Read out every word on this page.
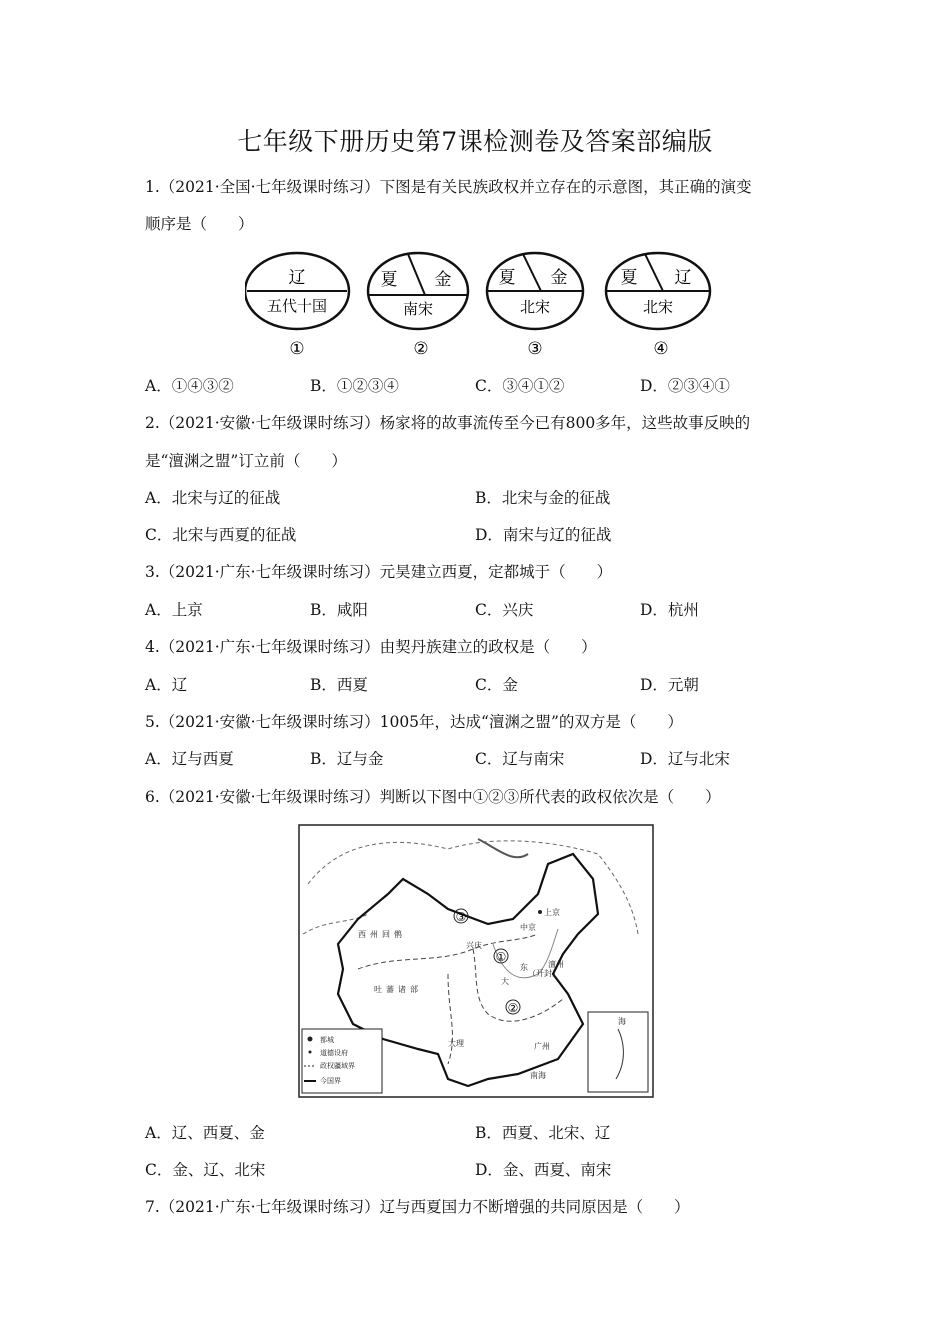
七年级下册历史第7课检测卷及答案部编版
1.（2021·全国·七年级课时练习）下图是有关民族政权并立存在的示意图，其正确的演变
顺序是（　　）
辽
五代十国
①
夏 金
南宋
②
夏 金
北宋
③
夏 辽
北宋
④
A．①④③②	B．①②③④	C．③④①②	D．②③④①
2.（2021·安徽·七年级课时练习）杨家将的故事流传至今已有800多年，这些故事反映的
是“澶渊之盟”订立前（　　）
A．北宋与辽的征战	B．北宋与金的征战
C．北宋与西夏的征战	D．南宋与辽的征战
3.（2021·广东·七年级课时练习）元昊建立西夏，定都城于（　　）
A．上京	B．咸阳	C．兴庆	D．杭州
4.（2021·广东·七年级课时练习）由契丹族建立的政权是（　　）
A．辽	B．西夏	C．金	D．元朝
5.（2021·安徽·七年级课时练习）1005年，达成“澶渊之盟”的双方是（　　）
A．辽与西夏	B．辽与金	C．辽与南宋	D．辽与北宋
6.（2021·安徽·七年级课时练习）判断以下图中①②③所代表的政权依次是（　　）
③
①
②
上京
中京
兴庆
西州回鹘
吐蕃诸部
大理	广州
南海
澶州
（开封）
东
大
海
都城
道德设府
政权疆域界
今国界
A．辽、西夏、金	B．西夏、北宋、辽
C．金、辽、北宋	D．金、西夏、南宋
7.（2021·广东·七年级课时练习）辽与西夏国力不断增强的共同原因是（　　）
